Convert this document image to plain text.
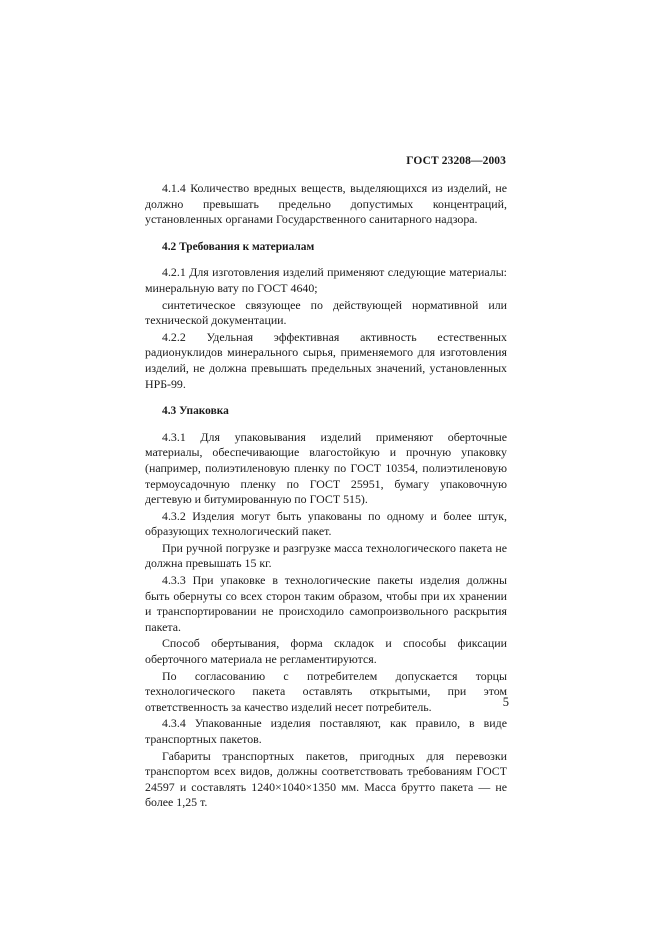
ГОСТ 23208—2003

4.1.4 Количество вредных веществ, выделяющихся из изделий, не должно превышать предельно допустимых концентраций, установленных органами Государственного санитарного надзора.

4.2 Требования к материалам

4.2.1 Для изготовления изделий применяют следующие материалы: минеральную вату по ГОСТ 4640;

синтетическое связующее по действующей нормативной или технической документации.

4.2.2 Удельная эффективная активность естественных радионуклидов минерального сырья, применяемого для изготовления изделий, не должна превышать предельных значений, установленных НРБ-99.

4.3 Упаковка

4.3.1 Для упаковывания изделий применяют оберточные материалы, обеспечивающие влагостойкую и прочную упаковку (например, полиэтиленовую пленку по ГОСТ 10354, полиэтиленовую термоусадочную пленку по ГОСТ 25951, бумагу упаковочную дегтевую и битумированную по ГОСТ 515).

4.3.2 Изделия могут быть упакованы по одному и более штук, образующих технологический пакет.

При ручной погрузке и разгрузке масса технологического пакета не должна превышать 15 кг.

4.3.3 При упаковке в технологические пакеты изделия должны быть обернуты со всех сторон таким образом, чтобы при их хранении и транспортировании не происходило самопроизвольного раскрытия пакета.

Способ обертывания, форма складок и способы фиксации оберточного материала не регламентируются.

По согласованию с потребителем допускается торцы технологического пакета оставлять открытыми, при этом ответственность за качество изделий несет потребитель.

4.3.4 Упакованные изделия поставляют, как правило, в виде транспортных пакетов.

Габариты транспортных пакетов, пригодных для перевозки транспортом всех видов, должны соответствовать требованиям ГОСТ 24597 и составлять 1240×1040×1350 мм. Масса брутто пакета — не более 1,25 т.

5
